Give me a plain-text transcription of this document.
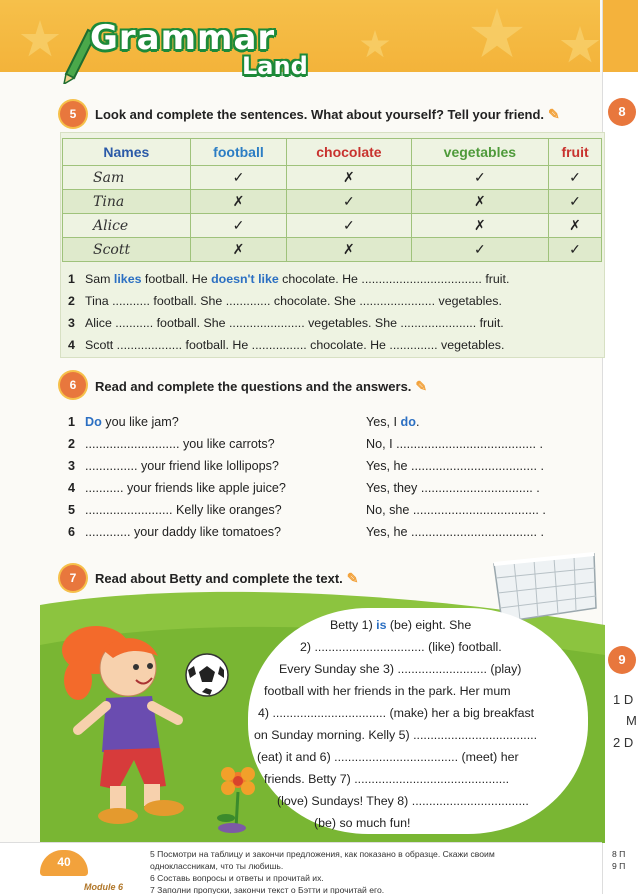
Grammar
Land
8
9
1 D
M
2 D
5	Look and complete the sentences. What about yourself? Tell your friend. ✎
Names	football	chocolate	vegetables	fruit
Sam	✓	✗	✓	✓
Tina	✗	✓	✗	✓
Alice	✓	✓	✗	✗
Scott	✗	✗	✓	✓
1 Sam likes football. He doesn't like chocolate. He ................................... fruit.
2 Tina ........... football. She ............. chocolate. She ...................... vegetables.
3 Alice ........... football. She ...................... vegetables. She ...................... fruit.
4 Scott ................... football. He ................ chocolate. He .............. vegetables.
6	Read and complete the questions and the answers. ✎
1 Do you like jam?	Yes, I do.
2 ........................... you like carrots?	No, I ........................................ .
3 ............... your friend like lollipops?	Yes, he .................................... .
4 ........... your friends like apple juice?	Yes, they ................................ .
5 ......................... Kelly like oranges?	No, she .................................... .
6 ............. your daddy like tomatoes?	Yes, he .................................... .
7	Read about Betty and complete the text. ✎
Betty 1) is (be) eight. She
2) ................................ (like) football.
Every Sunday she 3) .......................... (play)
football with her friends in the park. Her mum
4) ................................. (make) her a big breakfast
on Sunday morning. Kelly 5) ....................................
(eat) it and 6) .................................... (meet) her
friends. Betty 7) .............................................
(love) Sundays! They 8) ..................................
(be) so much fun!
40
Module 6
5 Посмотри на таблицу и закончи предложения, как показано в образце. Скажи своим
одноклассникам, что ты любишь.
6 Составь вопросы и ответы и прочитай их.
7 Заполни пропуски, закончи текст о Бэтти и прочитай его.
8 П
9 П
